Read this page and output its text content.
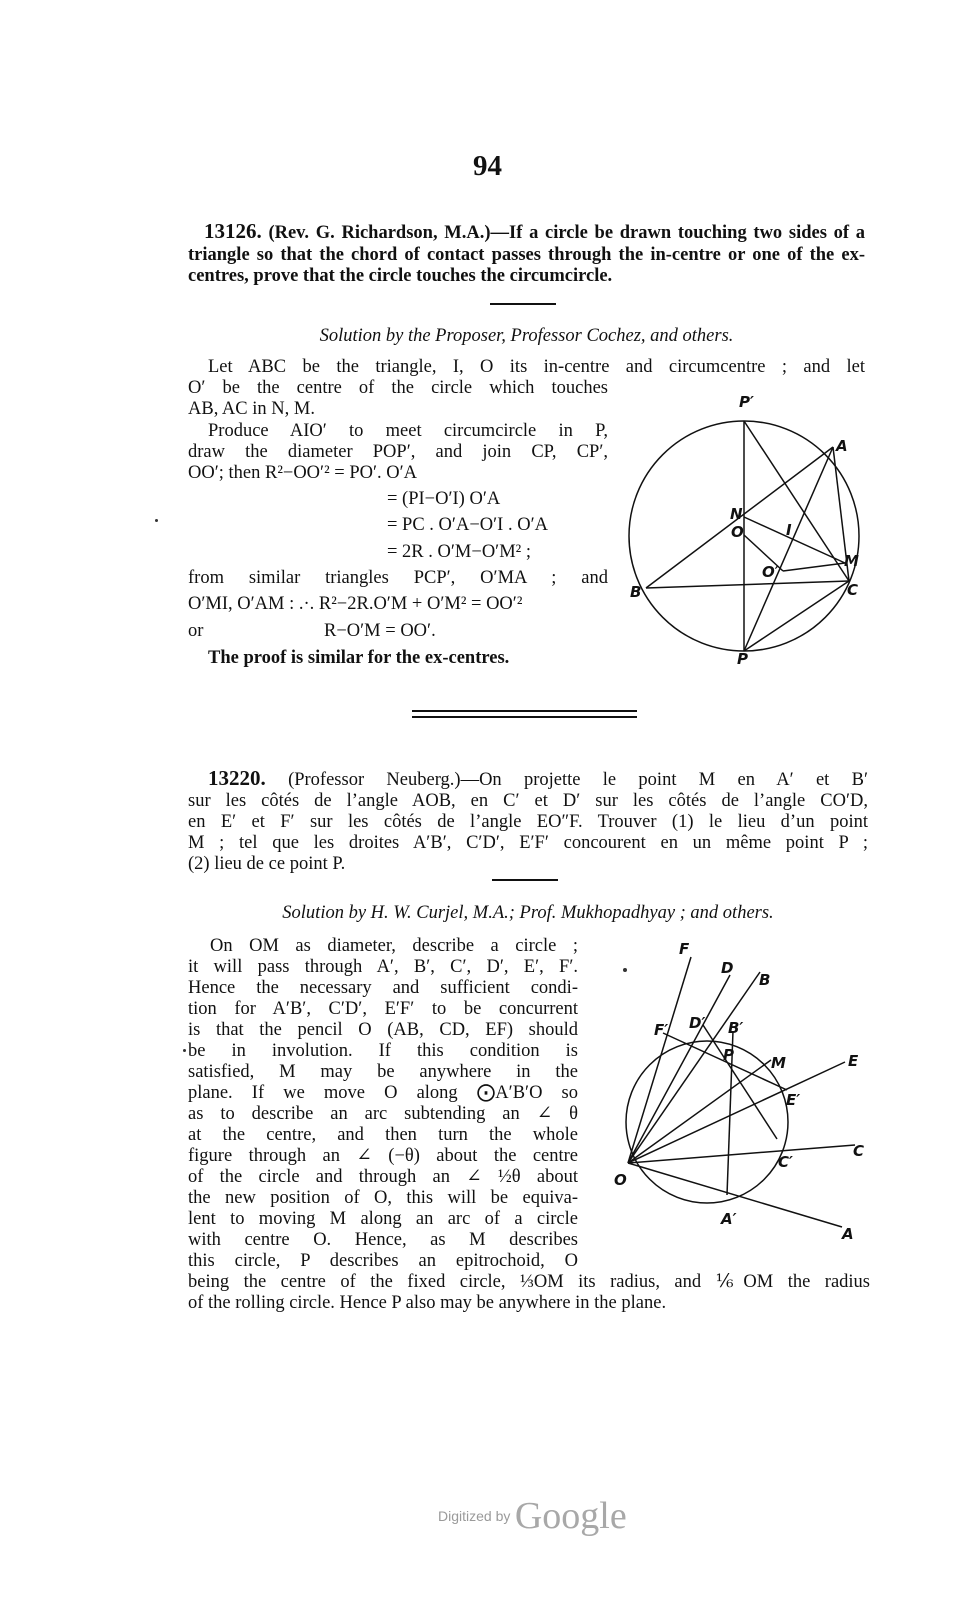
94
13126. (Rev. G. Richardson, M.A.)—If a circle be drawn touching two sides of a triangle so that the chord of contact passes through the in-centre or one of the ex-centres, prove that the circle touches the circumcircle.
Solution by the Proposer, Professor Cochez, and others.
Let ABC be the triangle, I, O its in-centre and circumcentre ; and let
O′ be the centre of the circle which touches
AB, AC in N, M.
Produce AIO′ to meet circumcircle in P,
draw the diameter POP′, and join CP, CP′,
OO′; then R²−OO′² = PO′. O′A
= (PI−O′I) O′A
= PC . O′A−O′I . O′A
= 2R . O′M−O′M² ;
from similar triangles PCP′, O′MA ; and
O′MI, O′AM : .·. R²−2R.O′M + O′M² = OO′²
or	R−O′M = OO′.
The proof is similar for the ex-centres.
P′
A
N
O	I
M
O′
B	C
P
13220. (Professor Neuberg.)—On projette le point M en A′ et B′
sur les côtés de l’angle AOB, en C′ et D′ sur les côtés de l’angle CO′D,
en E′ et F′ sur les côtés de l’angle EO″F. Trouver (1) le lieu d’un point
M ; tel que les droites A′B′, C′D′, E′F′ concourent en un même point P ;
(2) lieu de ce point P.
Solution by H. W. Curjel, M.A.; Prof. Mukhopadhyay ; and others.
On OM as diameter, describe a circle ;
it will pass through A′, B′, C′, D′, E′, F′.
Hence the necessary and sufficient condi-
tion for A′B′, C′D′, E′F′ to be concurrent
is that the pencil O (AB, CD, EF) should
be in involution. If this condition is
satisfied, M may be anywhere in the
plane. If we move O along ⨀A′B′O so
as to describe an arc subtending an ∠ θ
at the centre, and then turn the whole
figure through an ∠ (−θ) about the centre
of the circle and through an ∠ ½θ about
the new position of O, this will be equiva-
lent to moving M along an arc of a circle
with centre O. Hence, as M describes
this circle, P describes an epitrochoid, O
being the centre of the fixed circle, ⅓OM its radius, and ⅙OM the radius
of the rolling circle. Hence P also may be anywhere in the plane.
F
D
B
F′ D′ B′
P M	E
E′
C
O
C′
A′
A
Digitized by Google
